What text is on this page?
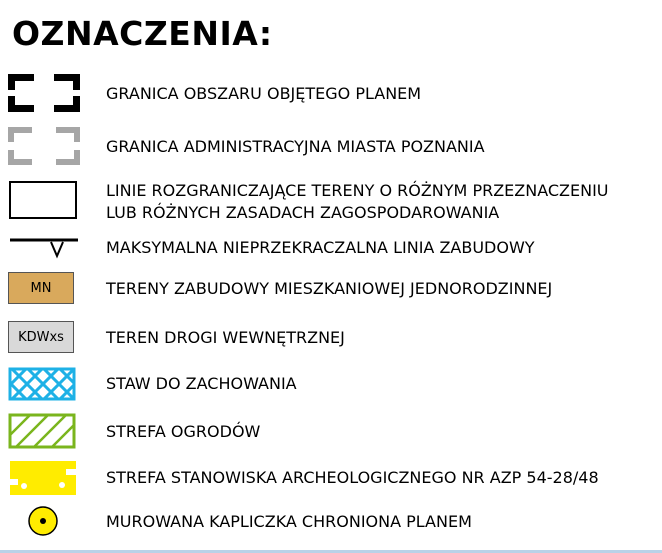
OZNACZENIA:
GRANICA OBSZARU OBJĘTEGO PLANEM
GRANICA ADMINISTRACYJNA MIASTA POZNANIA
LINIE ROZGRANICZAJĄCE TERENY O RÓŻNYM PRZEZNACZENIU
LUB RÓŻNYCH ZASADACH ZAGOSPODAROWANIA
MAKSYMALNA NIEPRZEKRACZALNA LINIA ZABUDOWY
MN	TERENY ZABUDOWY MIESZKANIOWEJ JEDNORODZINNEJ
KDWxs	TEREN DROGI WEWNĘTRZNEJ
STAW DO ZACHOWANIA
STREFA OGRODÓW
STREFA STANOWISKA ARCHEOLOGICZNEGO NR AZP 54-28/48
MUROWANA KAPLICZKA CHRONIONA PLANEM
